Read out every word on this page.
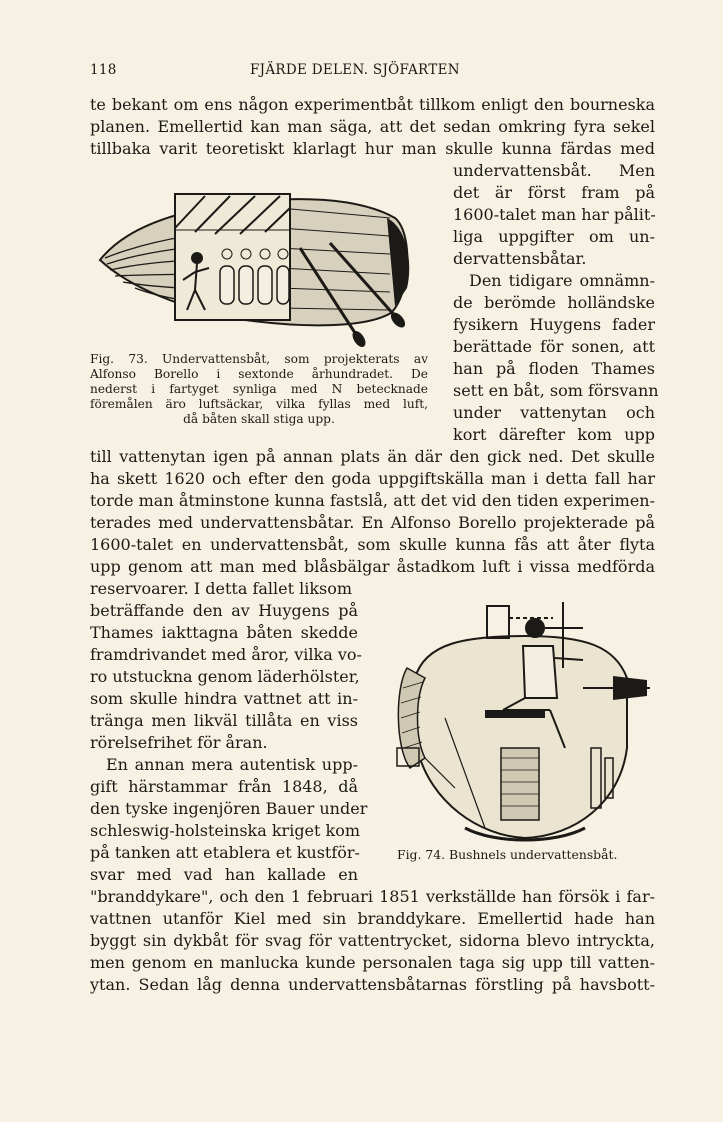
118	FJÄRDE DELEN. SJÖFARTEN
te bekant om ens någon experimentbåt tillkom enligt den bourneska
planen. Emellertid kan man säga, att det sedan omkring fyra sekel
tillbaka varit teoretiskt klarlagt hur man skulle kunna färdas med
undervattensbåt. Men
det är först fram på
1600-talet man har pålit-
liga uppgifter om un-
dervattensbåtar.
Den tidigare omnämn-
de berömde holländske
fysikern Huygens fader
berättade för sonen, att
han på floden Thames
sett en båt, som försvann
under vattenytan och
kort därefter kom upp
till vattenytan igen på annan plats än där den gick ned. Det skulle
ha skett 1620 och efter den goda uppgiftskälla man i detta fall har
torde man åtminstone kunna fastslå, att det vid den tiden experimen-
terades med undervattensbåtar. En Alfonso Borello projekterade på
1600-talet en undervattensbåt, som skulle kunna fås att åter flyta
upp genom att man med blåsbälgar åstadkom luft i vissa medförda
reservoarer. I detta fallet liksom
beträffande den av Huygens på
Thames iakttagna båten skedde
framdrivandet med åror, vilka vo-
ro utstuckna genom läderhölster,
som skulle hindra vattnet att in-
tränga men likväl tillåta en viss
rörelsefrihet för åran.
En annan mera autentisk upp-
gift härstammar från 1848, då
den tyske ingenjören Bauer under
schleswig-holsteinska kriget kom
på tanken att etablera et kustför-
svar med vad han kallade en
"branddykare", och den 1 februari 1851 verkställde han försök i far-
vattnen utanför Kiel med sin branddykare. Emellertid hade han
byggt sin dykbåt för svag för vattentrycket, sidorna blevo intryckta,
men genom en manlucka kunde personalen taga sig upp till vatten-
ytan. Sedan låg denna undervattensbåtarnas förstling på havsbott-
Fig. 73. Undervattensbåt, som projekterats av
Alfonso Borello i sextonde århundradet. De
nederst i fartyget synliga med N betecknade
föremålen äro luftsäckar, vilka fyllas med luft,
då båten skall stiga upp.
Fig. 74. Bushnels undervattensbåt.
